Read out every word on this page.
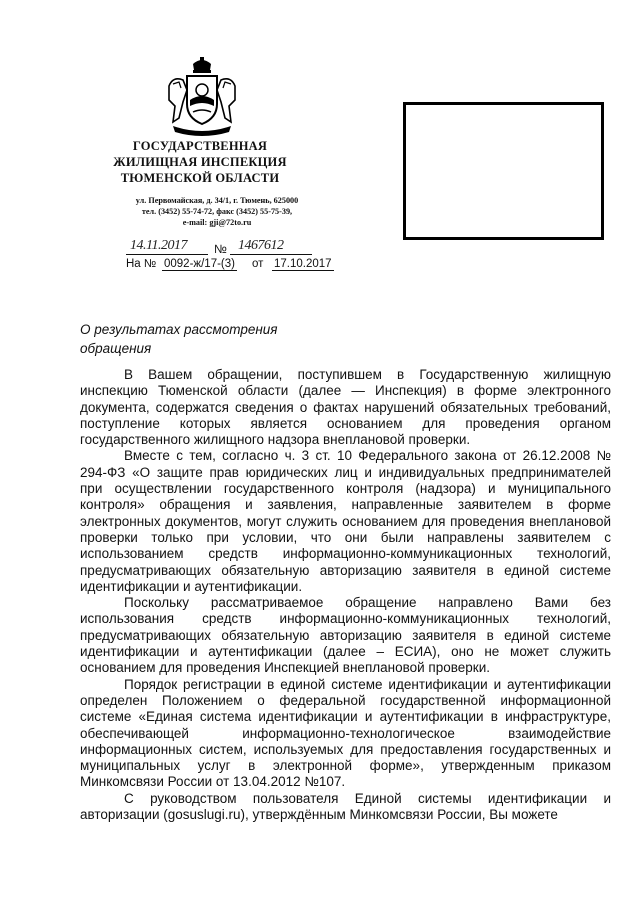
ГОСУДАРСТВЕННАЯ
ЖИЛИЩНАЯ ИНСПЕКЦИЯ
ТЮМЕНСКОЙ ОБЛАСТИ
ул. Первомайская, д. 34/1, г. Тюмень, 625000
тел. (3452) 55-74-72, факс (3452) 55-75-39,
e-mail: gji@72to.ru
14.11.2017 № 1467612
На № 0092-ж/17-(3) от 17.10.2017
О результатах рассмотрения
обращения

В Вашем обращении, поступившем в Государственную жилищную инспекцию Тюменской области (далее — Инспекция) в форме электронного документа, содержатся сведения о фактах нарушений обязательных требований, поступление которых является основанием для проведения органом государственного жилищного надзора внеплановой проверки.

Вместе с тем, согласно ч. 3 ст. 10 Федерального закона от 26.12.2008 № 294-ФЗ «О защите прав юридических лиц и индивидуальных предпринимателей при осуществлении государственного контроля (надзора) и муниципального контроля» обращения и заявления, направленные заявителем в форме электронных документов, могут служить основанием для проведения внеплановой проверки только при условии, что они были направлены заявителем с использованием средств информационно-коммуникационных технологий, предусматривающих обязательную авторизацию заявителя в единой системе идентификации и аутентификации.

Поскольку рассматриваемое обращение направлено Вами без использования средств информационно-коммуникационных технологий, предусматривающих обязательную авторизацию заявителя в единой системе идентификации и аутентификации (далее – ЕСИА), оно не может служить основанием для проведения Инспекцией внеплановой проверки.

Порядок регистрации в единой системе идентификации и аутентификации определен Положением о федеральной государственной информационной системе «Единая система идентификации и аутентификации в инфраструктуре, обеспечивающей информационно-технологическое взаимодействие информационных систем, используемых для предоставления государственных и муниципальных услуг в электронной форме», утвержденным приказом Минкомсвязи России от 13.04.2012 №107.

С руководством пользователя Единой системы идентификации и авторизации (gosuslugi.ru), утверждённым Минкомсвязи России, Вы можете
